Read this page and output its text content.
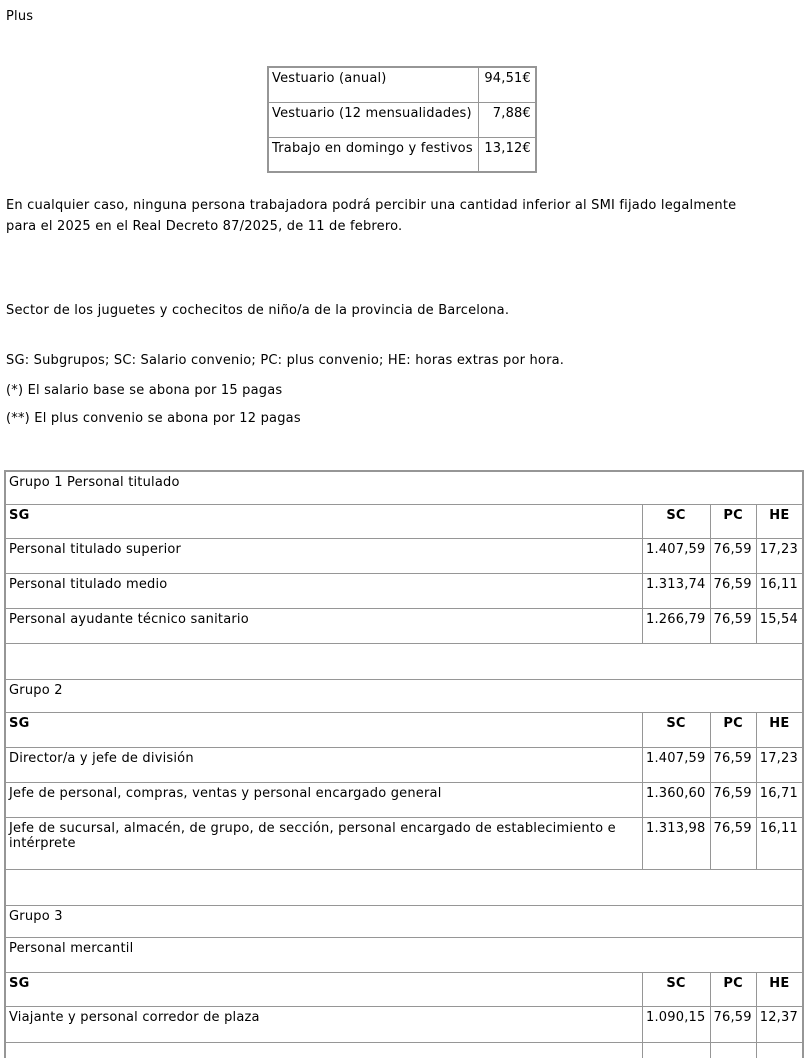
Plus
Vestuario (anual)	94,51€
Vestuario (12 mensualidades)	7,88€
Trabajo en domingo y festivos	13,12€
En cualquier caso, ninguna persona trabajadora podrá percibir una cantidad inferior al SMI fijado legalmente
para el 2025 en el Real Decreto 87/2025, de 11 de febrero.
Sector de los juguetes y cochecitos de niño/a de la provincia de Barcelona.
SG: Subgrupos; SC: Salario convenio; PC: plus convenio; HE: horas extras por hora.
(*) El salario base se abona por 15 pagas
(**) El plus convenio se abona por 12 pagas
Grupo 1 Personal titulado			
SG	SC	PC	HE
Personal titulado superior	1.407,59	76,59	17,23
Personal titulado medio	1.313,74	76,59	16,11
Personal ayudante técnico sanitario	1.266,79	76,59	15,54

Grupo 2			
SG	SC	PC	HE
Director/a y jefe de división	1.407,59	76,59	17,23
Jefe de personal, compras, ventas y personal encargado general	1.360,60	76,59	16,71
Jefe de sucursal, almacén, de grupo, de sección, personal encargado de establecimiento e intérprete	1.313,98	76,59	16,11

Grupo 3			
Personal mercantil			
SG	SC	PC	HE
Viajante y personal corredor de plaza	1.090,15	76,59	12,37
